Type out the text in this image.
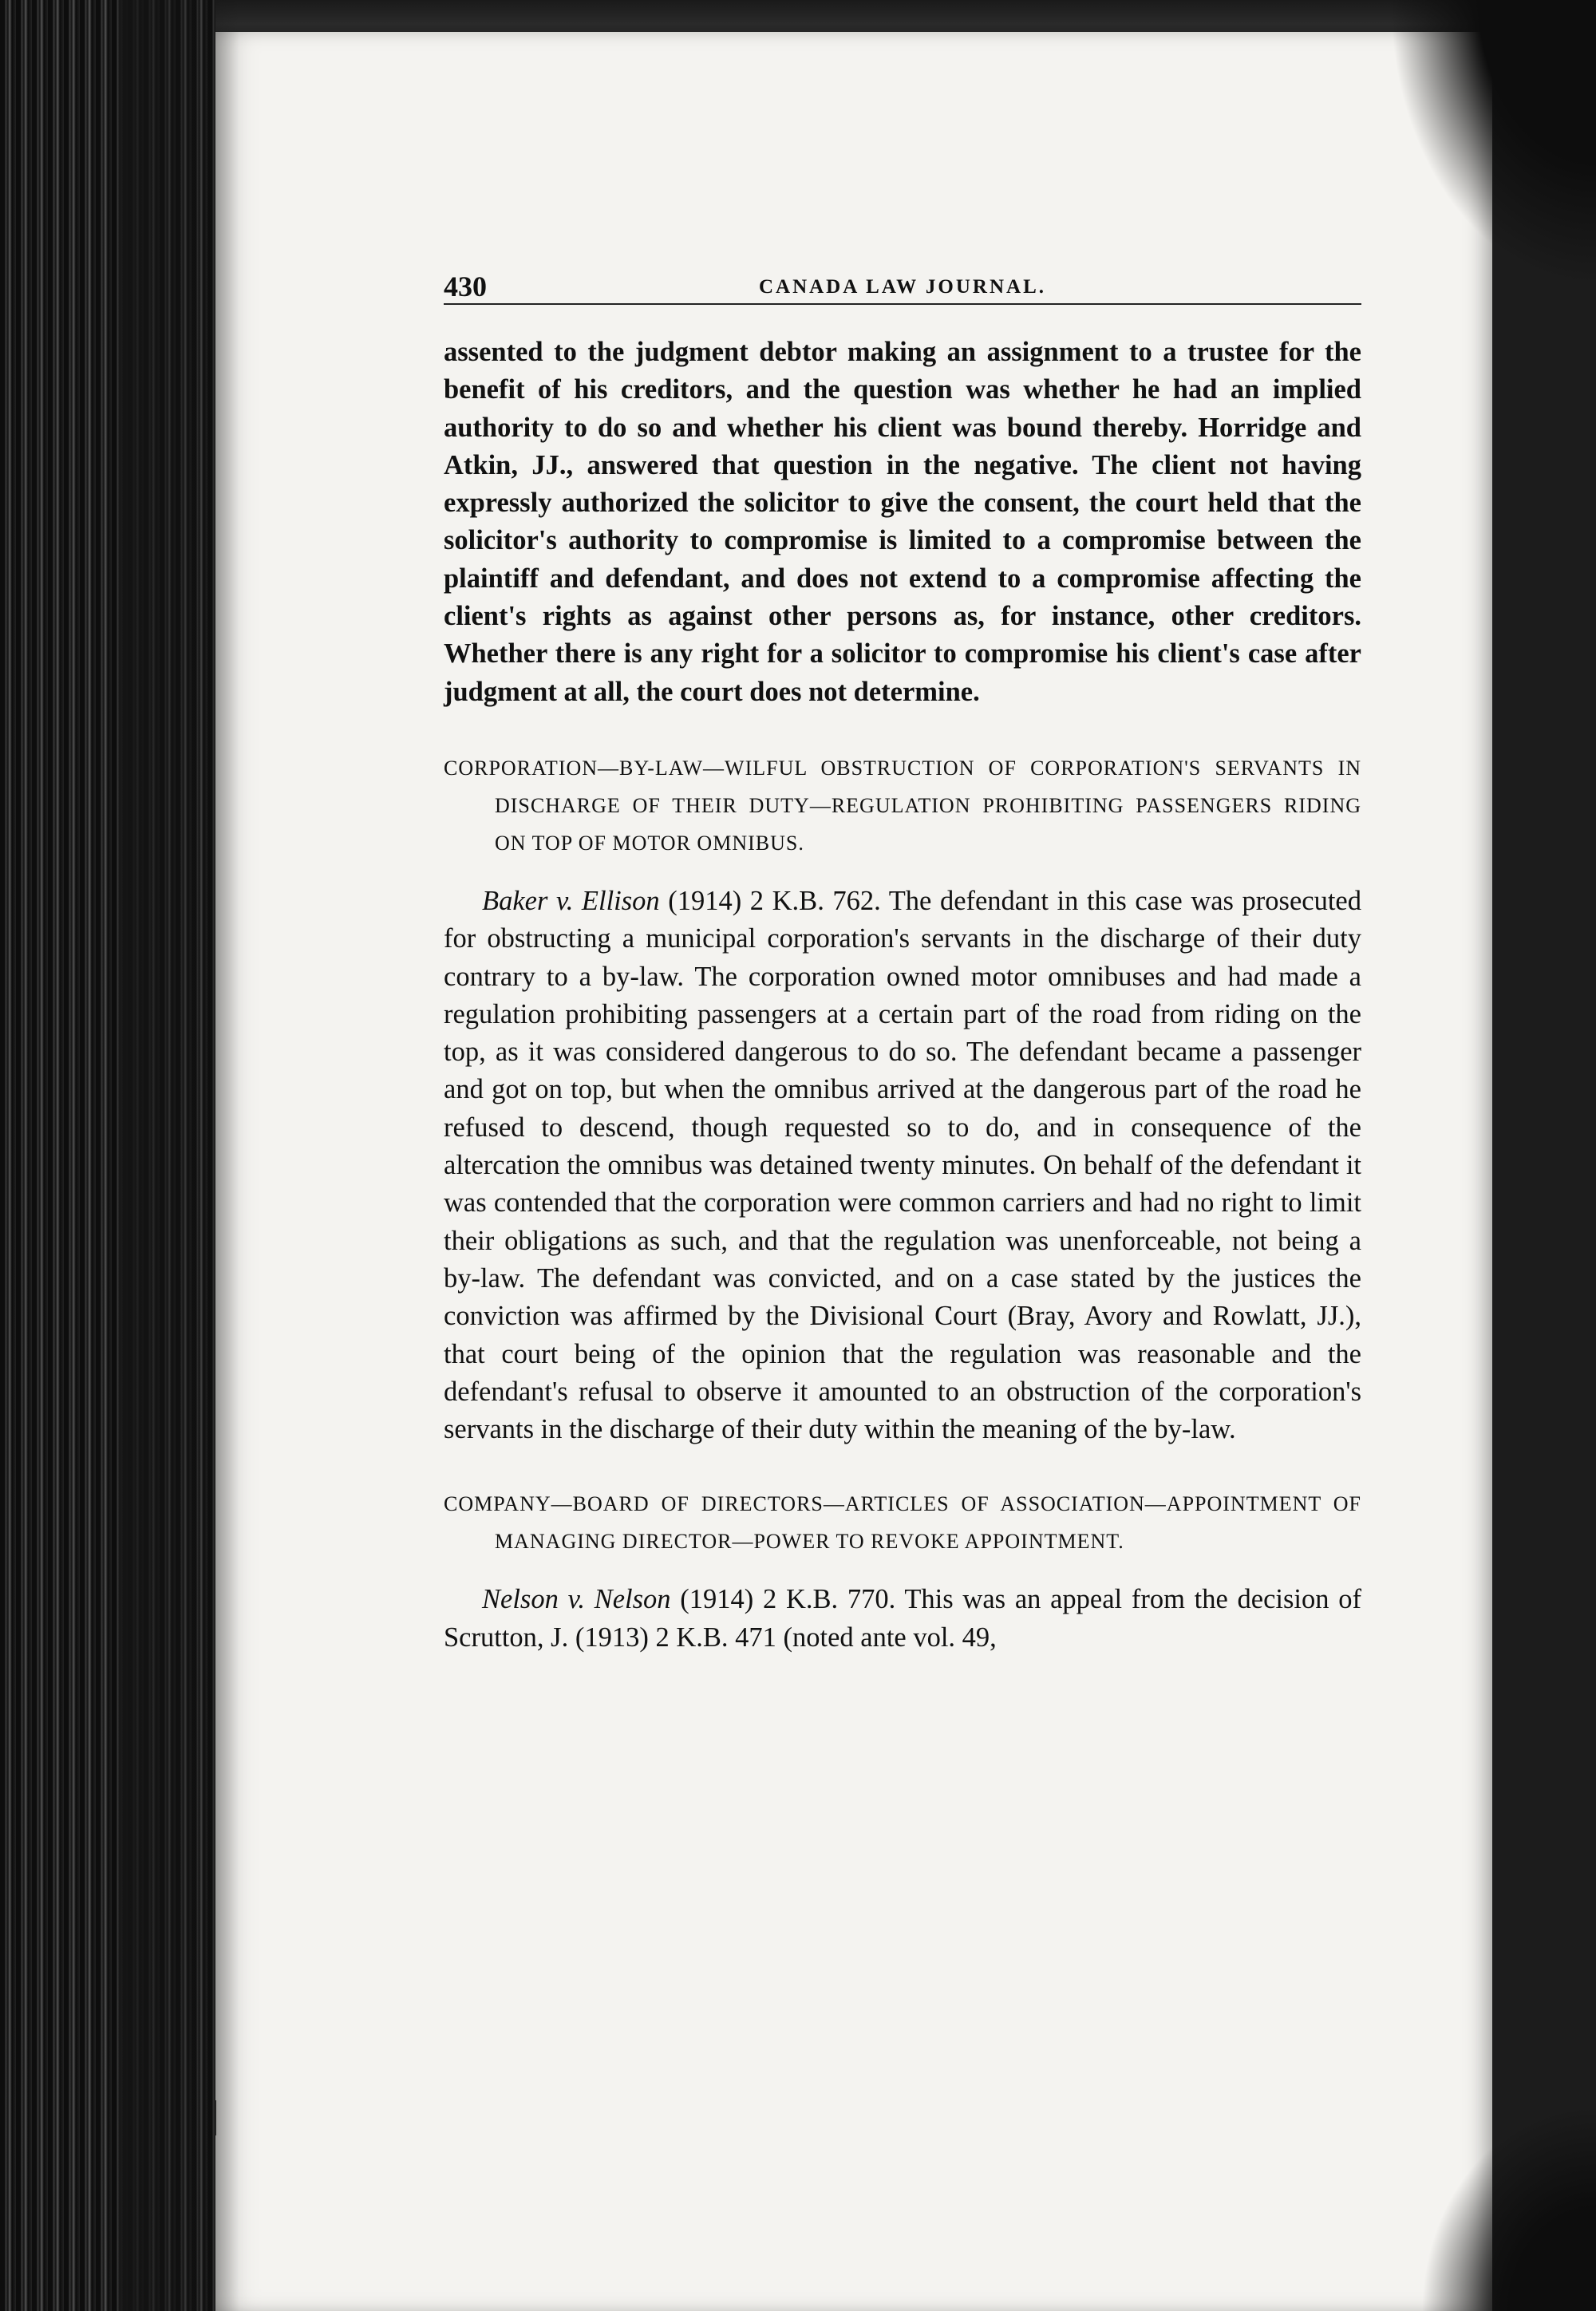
430	CANADA LAW JOURNAL.

assented to the judgment debtor making an assignment to a trustee for the benefit of his creditors, and the question was whether he had an implied authority to do so and whether his client was bound thereby. Horridge and Atkin, JJ., answered that question in the negative. The client not having expressly authorized the solicitor to give the consent, the court held that the solicitor's authority to compromise is limited to a compromise between the plaintiff and defendant, and does not extend to a compromise affecting the client's rights as against other persons as, for instance, other creditors. Whether there is any right for a solicitor to compromise his client's case after judgment at all, the court does not determine.

CORPORATION—BY-LAW—WILFUL OBSTRUCTION OF CORPORATION'S SERVANTS IN DISCHARGE OF THEIR DUTY—REGULATION PROHIBITING PASSENGERS RIDING ON TOP OF MOTOR OMNIBUS.

Baker v. Ellison (1914) 2 K.B. 762. The defendant in this case was prosecuted for obstructing a municipal corporation's servants in the discharge of their duty contrary to a by-law. The corporation owned motor omnibuses and had made a regulation prohibiting passengers at a certain part of the road from riding on the top, as it was considered dangerous to do so. The defendant became a passenger and got on top, but when the omnibus arrived at the dangerous part of the road he refused to descend, though requested so to do, and in consequence of the altercation the omnibus was detained twenty minutes. On behalf of the defendant it was contended that the corporation were common carriers and had no right to limit their obligations as such, and that the regulation was unenforceable, not being a by-law. The defendant was convicted, and on a case stated by the justices the conviction was affirmed by the Divisional Court (Bray, Avory and Rowlatt, JJ.), that court being of the opinion that the regulation was reasonable and the defendant's refusal to observe it amounted to an obstruction of the corporation's servants in the discharge of their duty within the meaning of the by-law.

COMPANY—BOARD OF DIRECTORS—ARTICLES OF ASSOCIATION—APPOINTMENT OF MANAGING DIRECTOR—POWER TO REVOKE APPOINTMENT.

Nelson v. Nelson (1914) 2 K.B. 770. This was an appeal from the decision of Scrutton, J. (1913) 2 K.B. 471 (noted ante vol. 49,
